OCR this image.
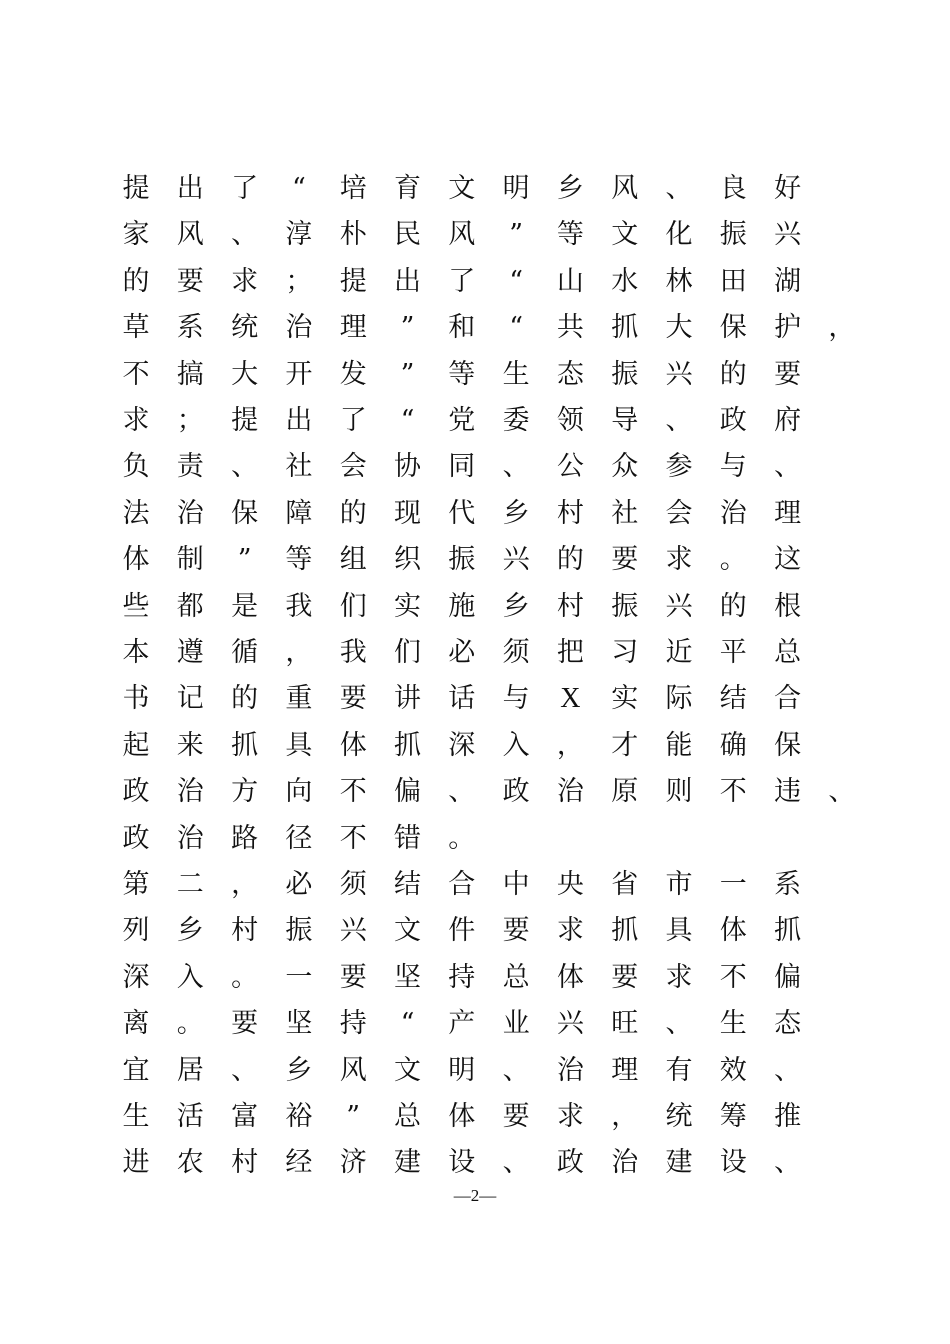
提 出 了	“	培 育 文 明 乡 风 、 良 好
家 风 、 淳 朴 民 风	”	等 文 化 振 兴
的 要 求 ； 提 出 了	“	山 水 林 田 湖
草 系 统 治 理	”	和	“	共 抓 大 保 护 ，
不 搞 大 开 发	”	等 生 态 振 兴 的 要
求 ； 提 出 了	“	党 委 领 导 、 政 府
负 责 、 社 会 协 同 、 公 众 参 与 、
法 治 保 障 的 现 代 乡 村 社 会 治 理
体 制	”	等 组 织 振 兴 的 要 求 。 这
些 都 是 我 们 实 施 乡 村 振 兴 的 根
本 遵 循 ， 我 们 必 须 把 习 近 平 总
书 记 的 重 要 讲 话 与 X 实 际 结 合
起 来 抓 具 体 抓 深 入 ， 才 能 确 保
政 治 方 向 不 偏 、 政 治 原 则 不 违 、
政 治 路 径 不 错 。
第 二 ， 必 须 结 合 中 央 省 市 一 系
列 乡 村 振 兴 文 件 要 求 抓 具 体 抓
深 入 。 一 要 坚 持 总 体 要 求 不 偏
离 。 要 坚 持	“	产 业 兴 旺 、 生 态
宜 居 、 乡 风 文 明 、 治 理 有 效 、
生 活 富 裕	”	总 体 要 求 ， 统 筹 推
进 农 村 经 济 建 设 、 政 治 建 设 、
—2—
